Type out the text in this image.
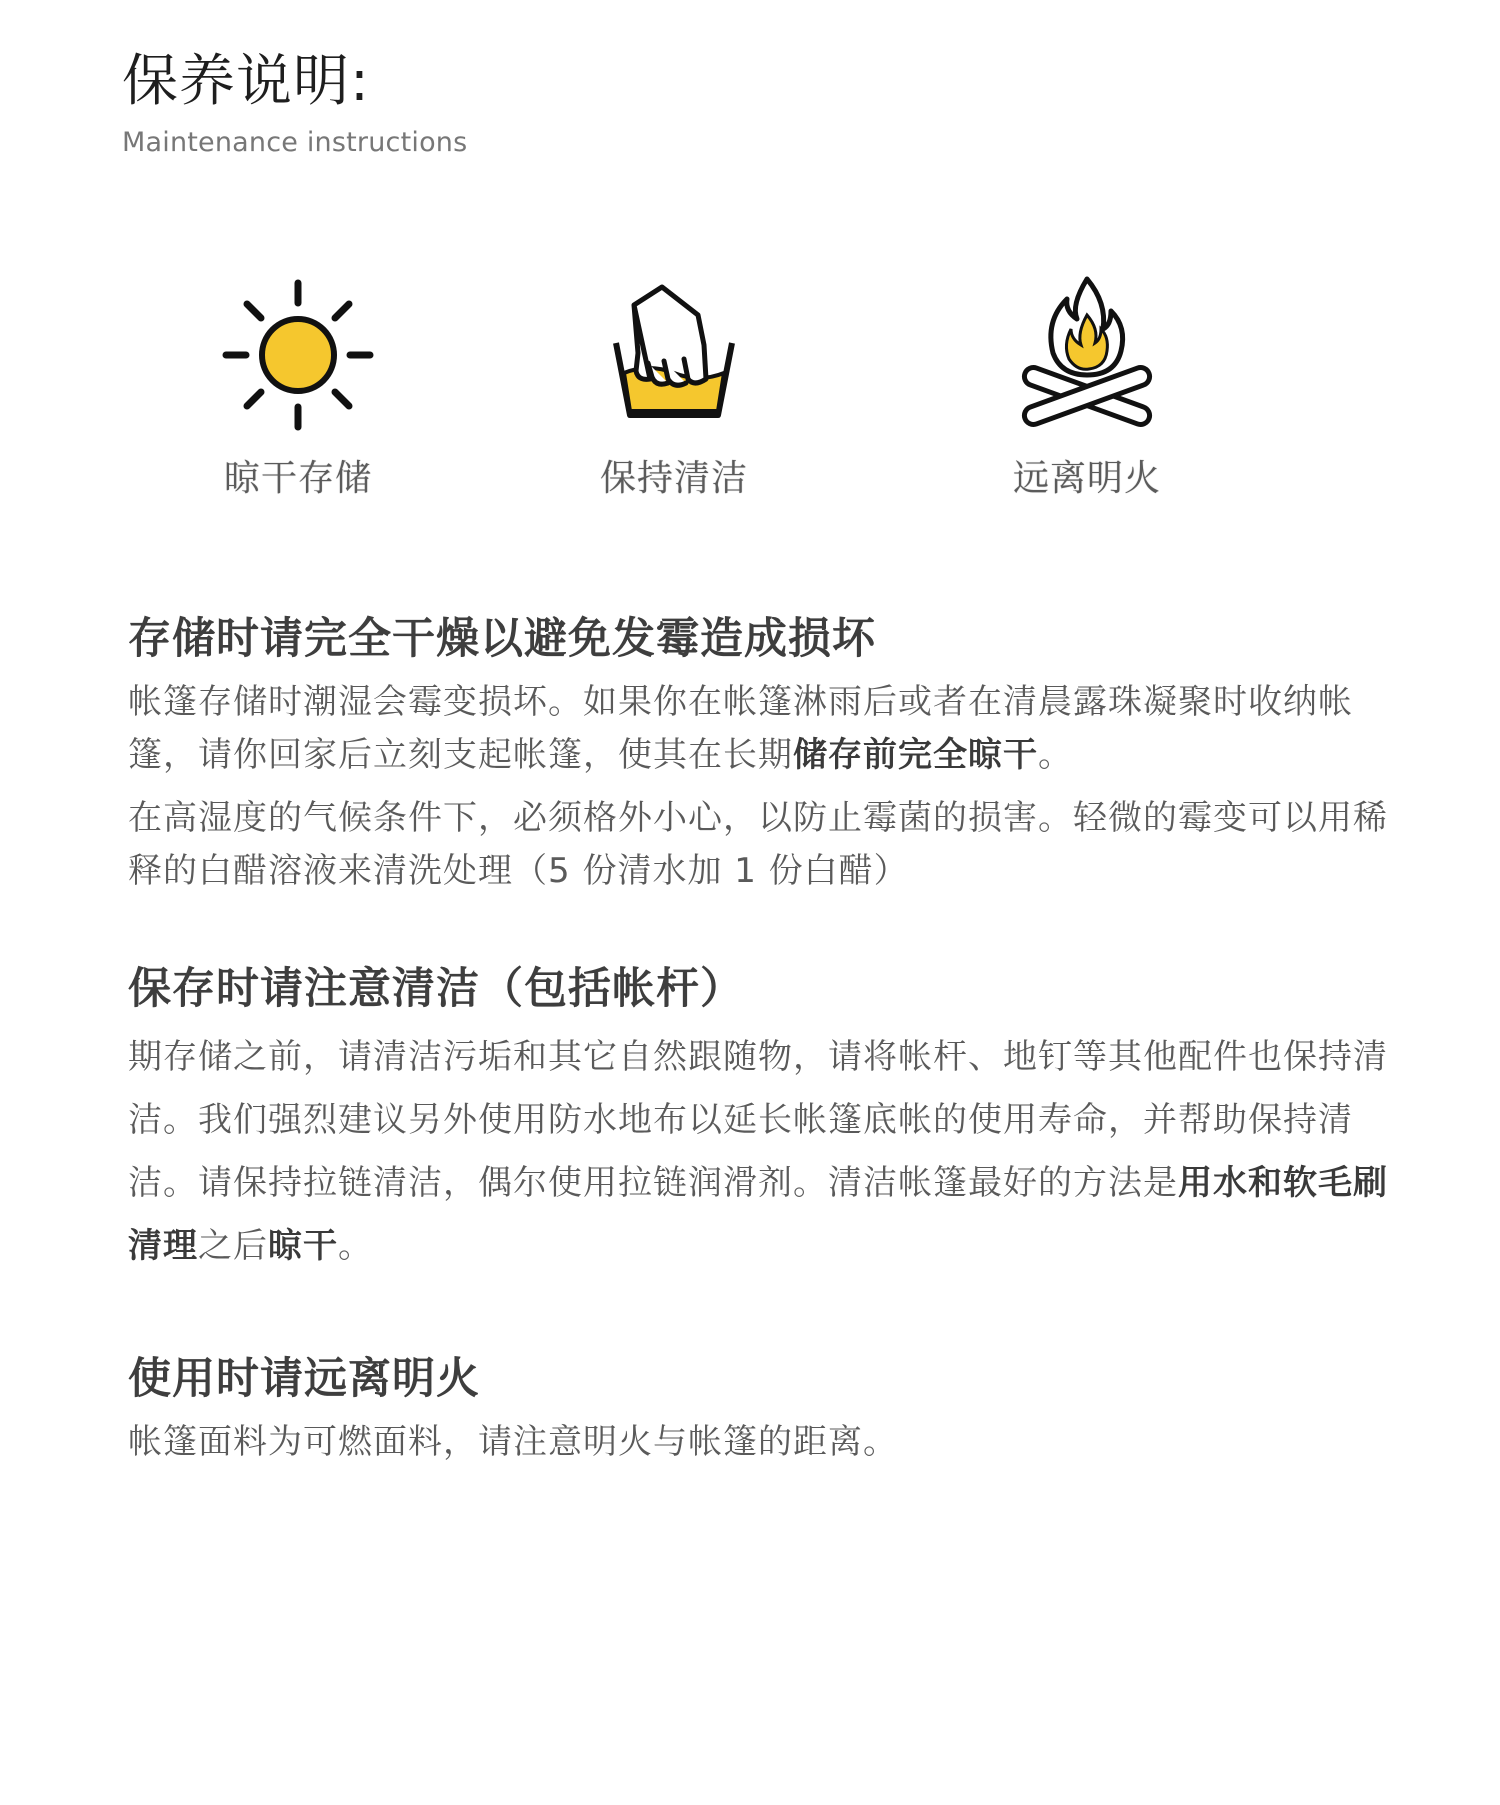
保养说明:
Maintenance instructions
晾干存储	保持清洁	远离明火
存储时请完全干燥以避免发霉造成损坏

帐篷存储时潮湿会霉变损坏。如果你在帐篷淋雨后或者在清晨露珠凝聚时收纳帐篷，请你回家后立刻支起帐篷，使其在长期储存前完全晾干。

在高湿度的气候条件下，必须格外小心，以防止霉菌的损害。轻微的霉变可以用稀释的白醋溶液来清洗处理（5 份清水加 1 份白醋）

保存时请注意清洁（包括帐杆）

期存储之前，请清洁污垢和其它自然跟随物，请将帐杆、地钉等其他配件也保持清洁。我们强烈建议另外使用防水地布以延长帐篷底帐的使用寿命，并帮助保持清洁。请保持拉链清洁，偶尔使用拉链润滑剂。清洁帐篷最好的方法是用水和软毛刷清理之后晾干。

使用时请远离明火

帐篷面料为可燃面料，请注意明火与帐篷的距离。
